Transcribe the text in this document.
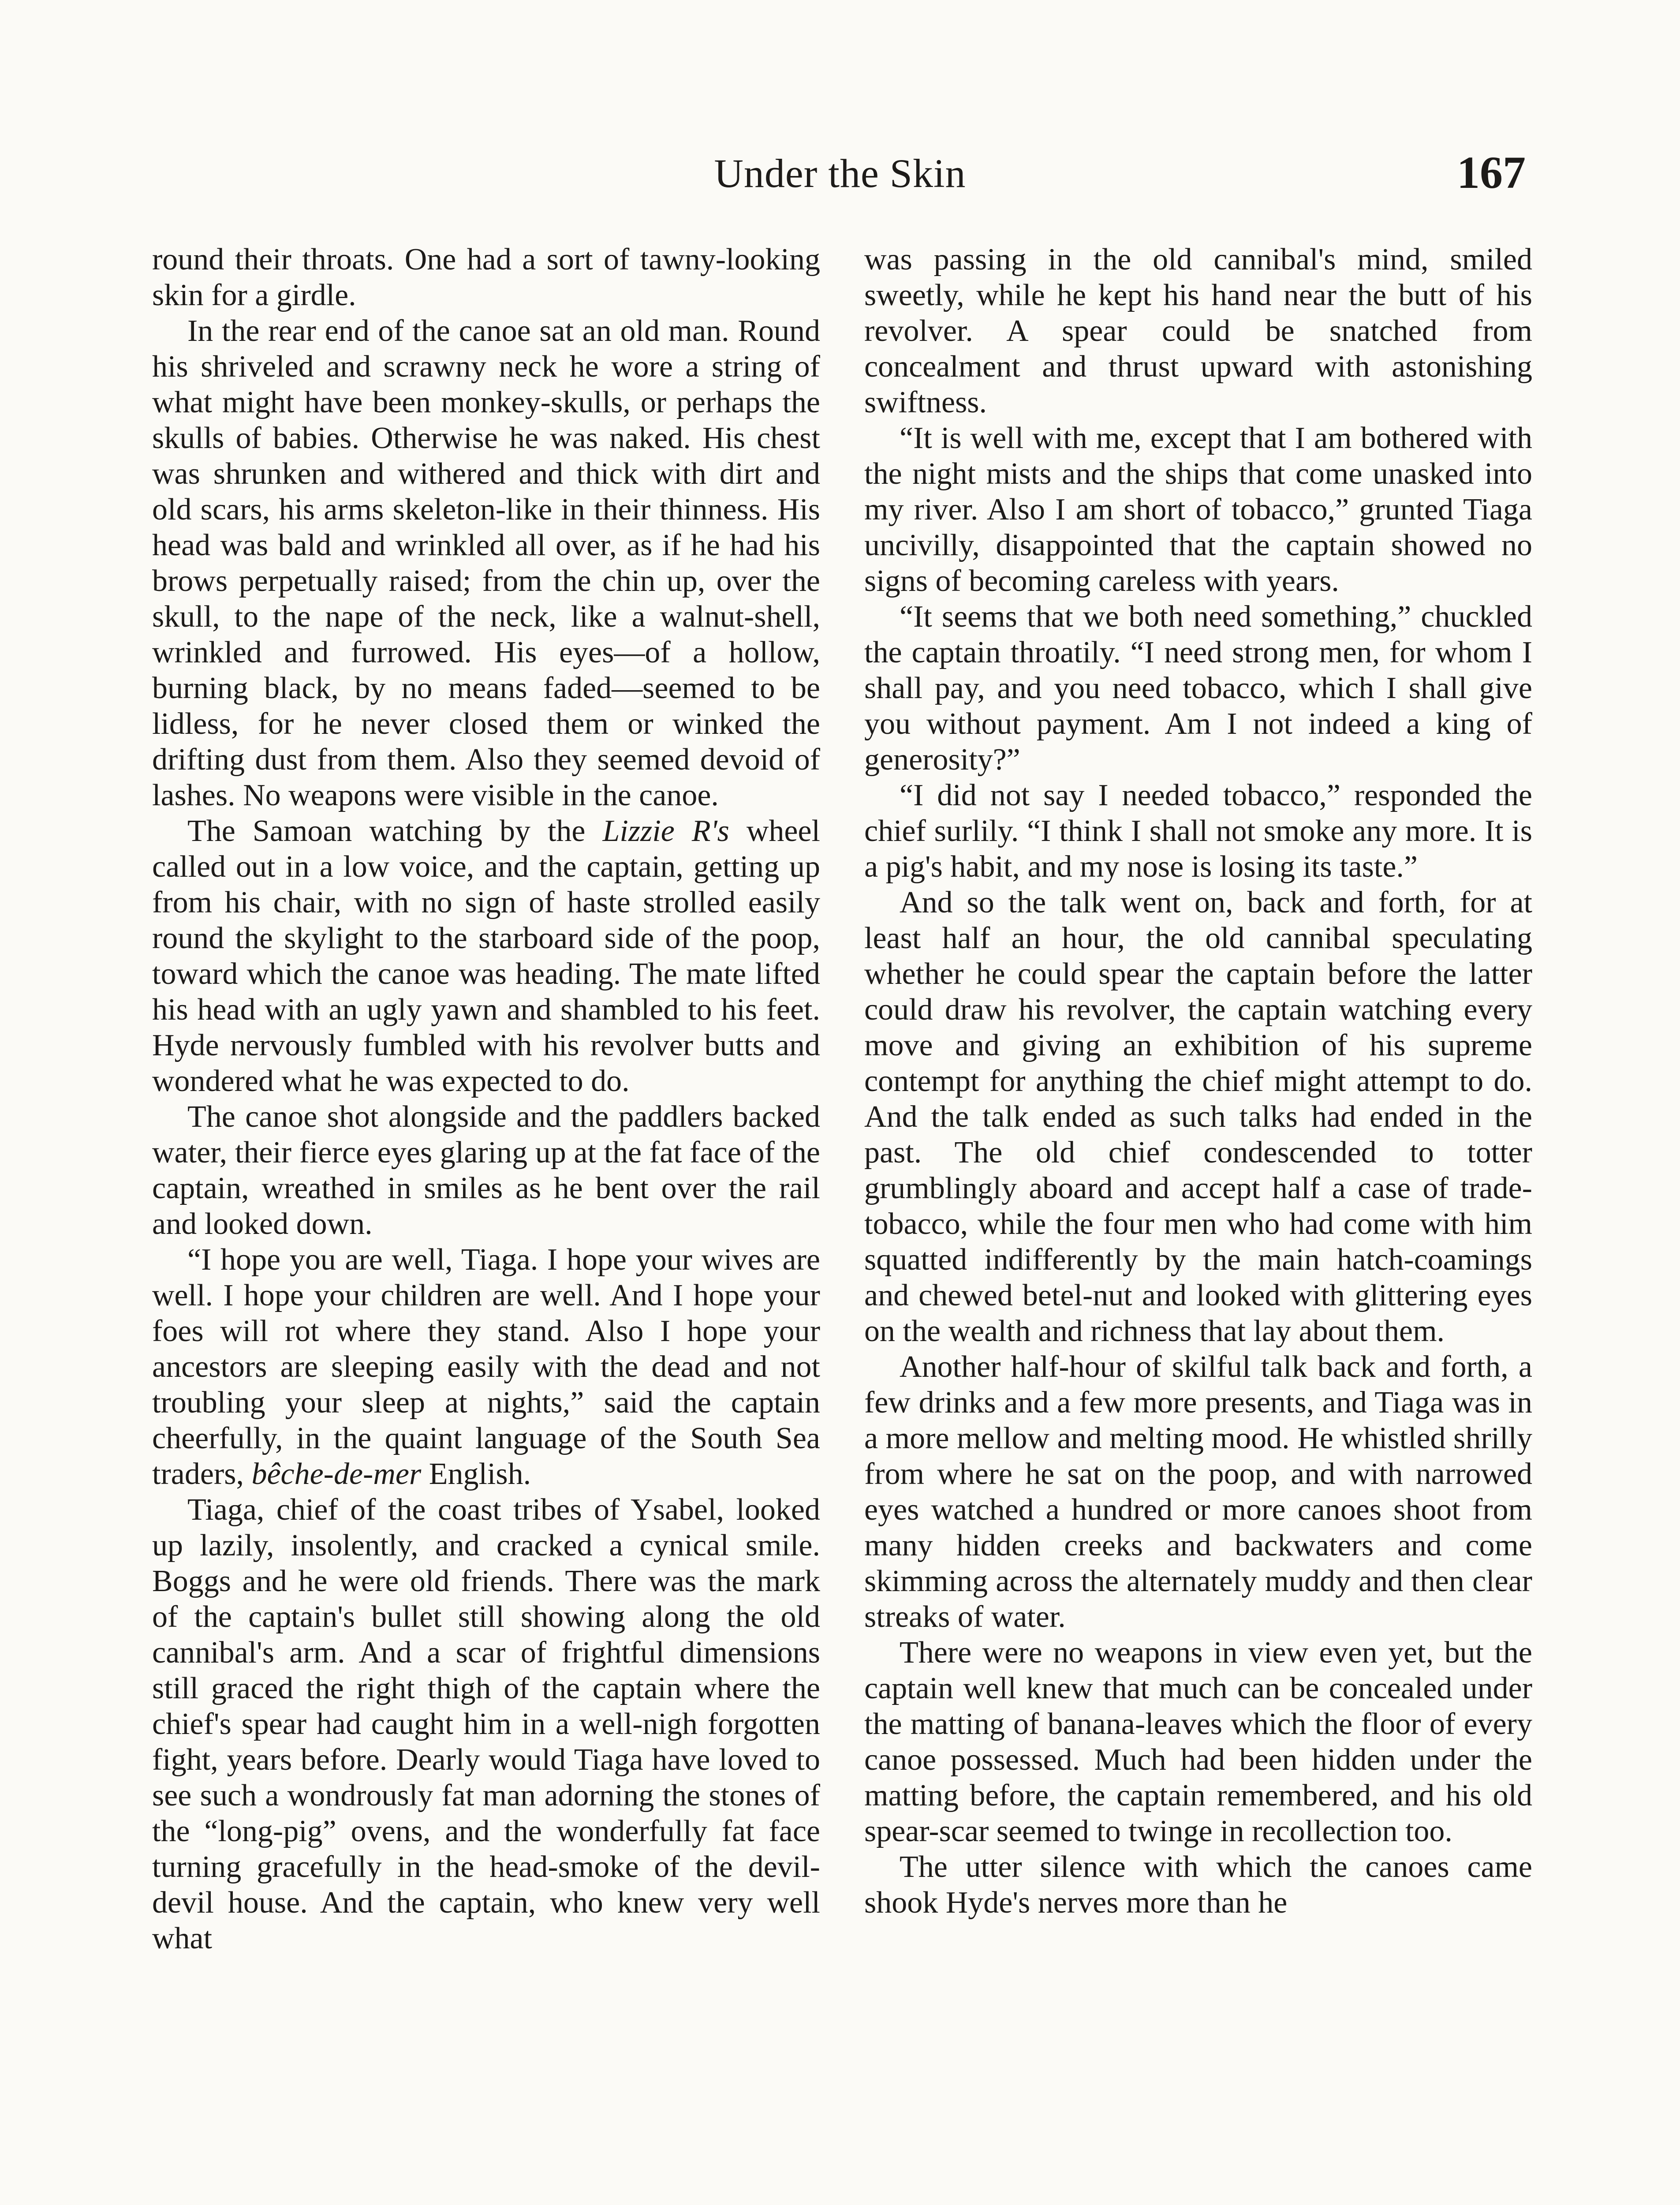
Under the Skin	167

round their throats. One had a sort of tawny-looking skin for a girdle.

In the rear end of the canoe sat an old man. Round his shriveled and scrawny neck he wore a string of what might have been monkey-skulls, or perhaps the skulls of babies. Otherwise he was naked. His chest was shrunken and withered and thick with dirt and old scars, his arms skeleton-like in their thinness. His head was bald and wrinkled all over, as if he had his brows perpetually raised; from the chin up, over the skull, to the nape of the neck, like a walnut-shell, wrinkled and furrowed. His eyes—of a hollow, burning black, by no means faded—seemed to be lidless, for he never closed them or winked the drifting dust from them. Also they seemed devoid of lashes. No weapons were visible in the canoe.

The Samoan watching by the Lizzie R's wheel called out in a low voice, and the captain, getting up from his chair, with no sign of haste strolled easily round the skylight to the starboard side of the poop, toward which the canoe was heading. The mate lifted his head with an ugly yawn and shambled to his feet. Hyde nervously fumbled with his revolver butts and wondered what he was expected to do.

The canoe shot alongside and the paddlers backed water, their fierce eyes glaring up at the fat face of the captain, wreathed in smiles as he bent over the rail and looked down.

“I hope you are well, Tiaga. I hope your wives are well. I hope your children are well. And I hope your foes will rot where they stand. Also I hope your ancestors are sleeping easily with the dead and not troubling your sleep at nights,” said the captain cheerfully, in the quaint language of the South Sea traders, bêche-de-mer English.

Tiaga, chief of the coast tribes of Ysabel, looked up lazily, insolently, and cracked a cynical smile. Boggs and he were old friends. There was the mark of the captain's bullet still showing along the old cannibal's arm. And a scar of frightful dimensions still graced the right thigh of the captain where the chief's spear had caught him in a well-nigh forgotten fight, years before. Dearly would Tiaga have loved to see such a wondrously fat man adorning the stones of the “long-pig” ovens, and the wonderfully fat face turning gracefully in the head-smoke of the devil-devil house. And the captain, who knew very well what

was passing in the old cannibal's mind, smiled sweetly, while he kept his hand near the butt of his revolver. A spear could be snatched from concealment and thrust upward with astonishing swiftness.

“It is well with me, except that I am bothered with the night mists and the ships that come unasked into my river. Also I am short of tobacco,” grunted Tiaga uncivilly, disappointed that the captain showed no signs of becoming careless with years.

“It seems that we both need something,” chuckled the captain throatily. “I need strong men, for whom I shall pay, and you need tobacco, which I shall give you without payment. Am I not indeed a king of generosity?”

“I did not say I needed tobacco,” responded the chief surlily. “I think I shall not smoke any more. It is a pig's habit, and my nose is losing its taste.”

And so the talk went on, back and forth, for at least half an hour, the old cannibal speculating whether he could spear the captain before the latter could draw his revolver, the captain watching every move and giving an exhibition of his supreme contempt for anything the chief might attempt to do. And the talk ended as such talks had ended in the past. The old chief condescended to totter grumblingly aboard and accept half a case of trade-tobacco, while the four men who had come with him squatted indifferently by the main hatch-coamings and chewed betel-nut and looked with glittering eyes on the wealth and richness that lay about them.

Another half-hour of skilful talk back and forth, a few drinks and a few more presents, and Tiaga was in a more mellow and melting mood. He whistled shrilly from where he sat on the poop, and with narrowed eyes watched a hundred or more canoes shoot from many hidden creeks and backwaters and come skimming across the alternately muddy and then clear streaks of water.

There were no weapons in view even yet, but the captain well knew that much can be concealed under the matting of banana-leaves which the floor of every canoe possessed. Much had been hidden under the matting before, the captain remembered, and his old spear-scar seemed to twinge in recollection too.

The utter silence with which the canoes came shook Hyde's nerves more than he
